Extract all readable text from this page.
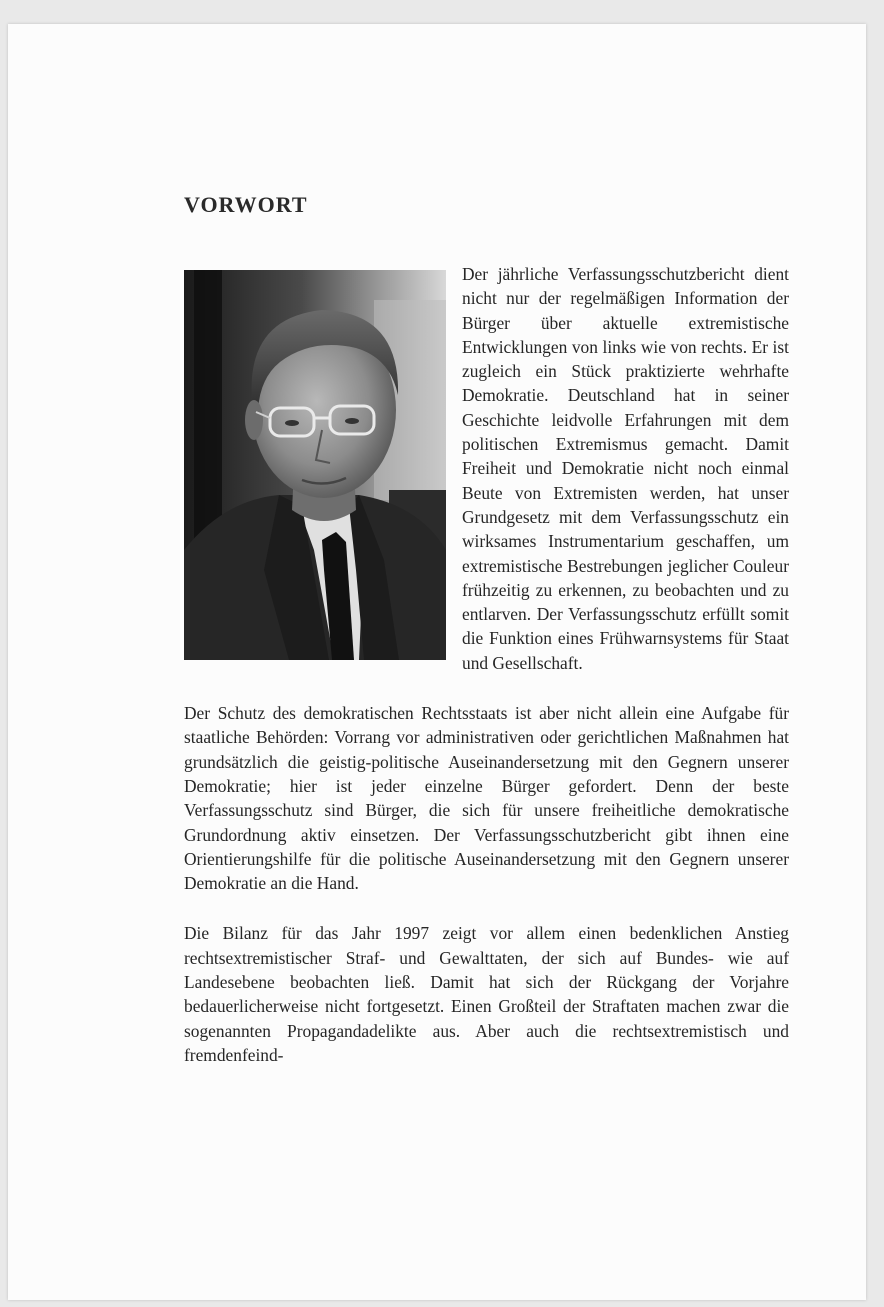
VORWORT

Der jährliche Verfassungsschutzbericht dient nicht nur der regelmäßigen Information der Bürger über aktuelle extremistische Entwicklungen von links wie von rechts. Er ist zugleich ein Stück praktizierte wehrhafte Demokratie. Deutschland hat in seiner Geschichte leidvolle Erfahrungen mit dem politischen Extremismus gemacht. Damit Freiheit und Demokratie nicht noch einmal Beute von Extremisten werden, hat unser Grundgesetz mit dem Verfassungsschutz ein wirksames Instrumentarium geschaffen, um extremistische Bestrebungen jeglicher Couleur frühzeitig zu erkennen, zu beobachten und zu entlarven. Der Verfassungsschutz erfüllt somit die Funktion eines Frühwarnsystems für Staat und Gesellschaft.

Der Schutz des demokratischen Rechtsstaats ist aber nicht allein eine Aufgabe für staatliche Behörden: Vorrang vor administrativen oder gerichtlichen Maßnahmen hat grundsätzlich die geistig-politische Auseinandersetzung mit den Gegnern unserer Demokratie; hier ist jeder einzelne Bürger gefordert. Denn der beste Verfassungsschutz sind Bürger, die sich für unsere freiheitliche demokratische Grundordnung aktiv einsetzen. Der Verfassungsschutzbericht gibt ihnen eine Orientierungshilfe für die politische Auseinandersetzung mit den Gegnern unserer Demokratie an die Hand.

Die Bilanz für das Jahr 1997 zeigt vor allem einen bedenklichen Anstieg rechtsextremistischer Straf- und Gewalttaten, der sich auf Bundes- wie auf Landesebene beobachten ließ. Damit hat sich der Rückgang der Vorjahre bedauerlicherweise nicht fortgesetzt. Einen Großteil der Straftaten machen zwar die sogenannten Propagandadelikte aus. Aber auch die rechtsextremistisch und fremdenfeind-
